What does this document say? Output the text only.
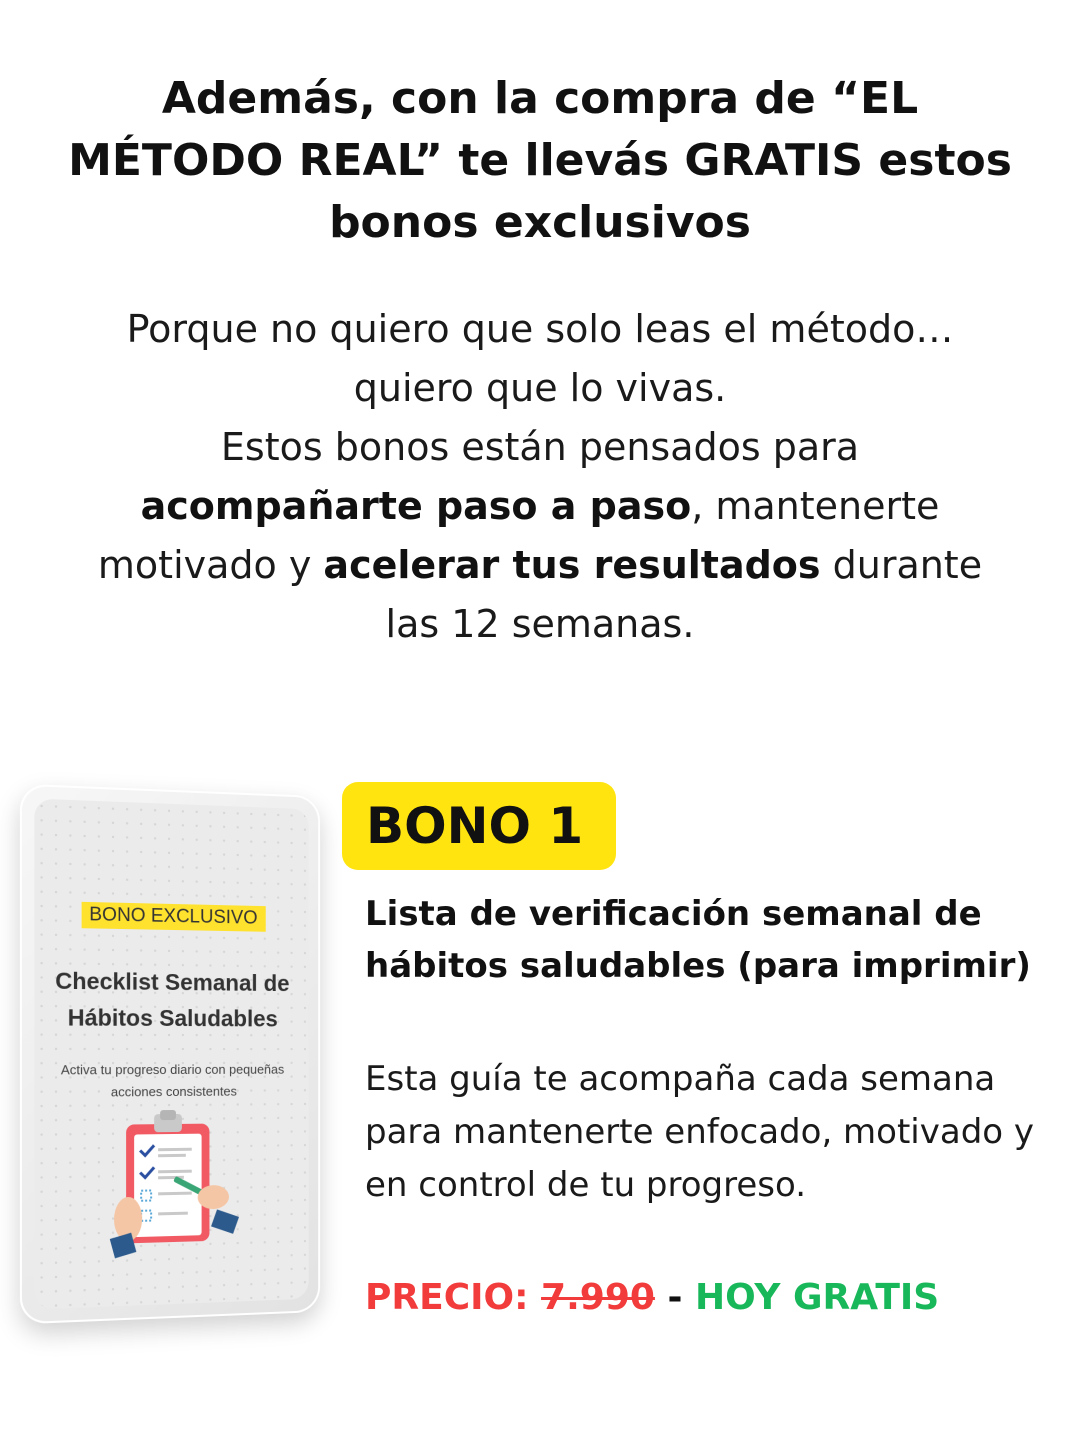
Además, con la compra de “EL
MÉTODO REAL” te llevás GRATIS estos
bonos exclusivos

Porque no quiero que solo leas el método…

quiero que lo vivas.

Estos bonos están pensados para

acompañarte paso a paso, mantenerte

motivado y acelerar tus resultados durante

las 12 semanas.

BONO EXCLUSIVO
Checklist Semanal de
Hábitos Saludables
Activa tu progreso diario con pequeñas
acciones consistentes
BONO 1
Lista de verificación semanal de hábitos saludables (para imprimir)
Esta guía te acompaña cada semana para mantenerte enfocado, motivado y en control de tu progreso.
PRECIO: 7.990 - HOY GRATIS
